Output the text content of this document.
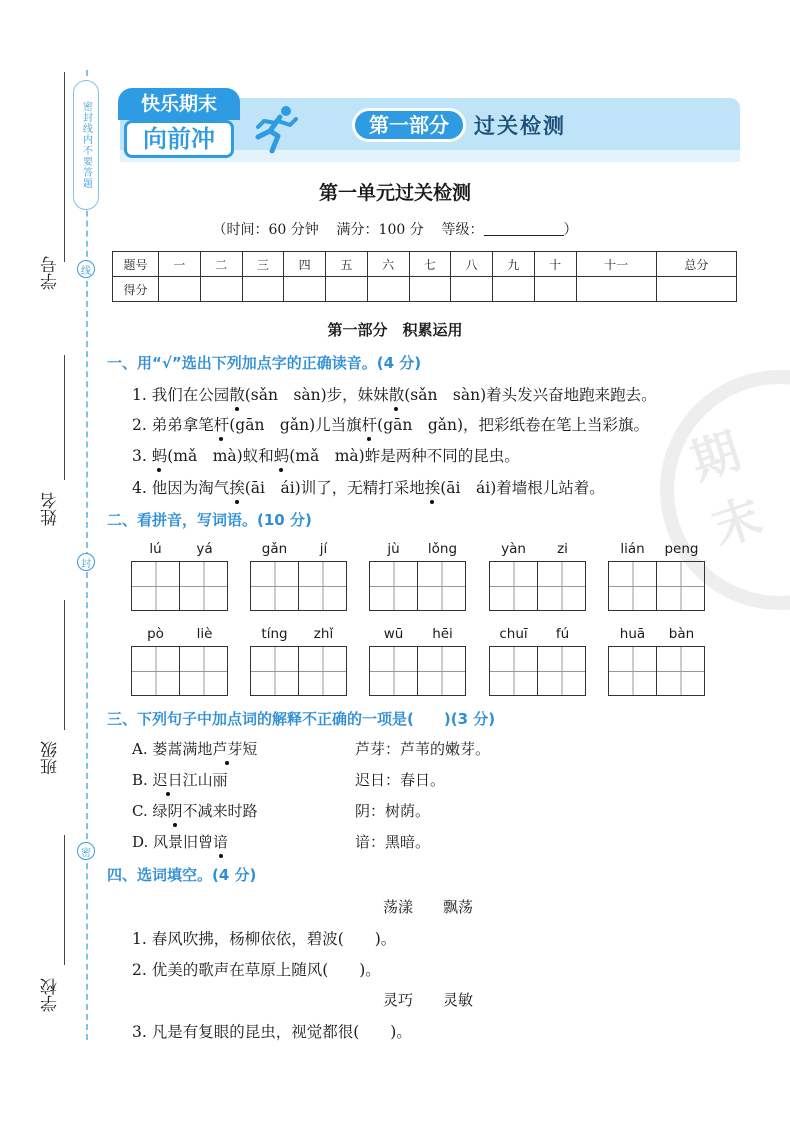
密封线内不要答题
学号	线
姓名
封
班级
密
学校
快乐期末
向前冲	第一部分	过关检测
期末
第一单元过关检测
（时间：60 分钟 满分：100 分 等级：	）
题号	一	二	三	四	五	六	七	八	九	十	十一	总分
得分												
第一部分　积累运用
一、用“√”选出下列加点字的正确读音。(4 分)
1. 我们在公园散(sǎn　sàn)步，妹妹散(sǎn　sàn)着头发兴奋地跑来跑去。
2. 弟弟拿笔杆(gān　gǎn)儿当旗杆(gān　gǎn)，把彩纸卷在笔上当彩旗。
3. 蚂(mǎ　mà)蚁和蚂(mǎ　mà)蚱是两种不同的昆虫。
4. 他因为淘气挨(āi　ái)训了，无精打采地挨(āi　ái)着墙根儿站着。
二、看拼音，写词语。(10 分)
lú	yá	gǎn	jí	jù	lǒng	yàn	zi	lián	peng
pò	liè	tíng	zhǐ	wū	hēi	chuī	fú	huā	bàn
三、下列句子中加点词的解释不正确的一项是(　　)(3 分)
A. 蒌蒿满地芦芽短	芦芽：芦苇的嫩芽。
B. 迟日江山丽	迟日：春日。
C. 绿阴不减来时路	阴：树荫。
D. 风景旧曾谙	谙：黑暗。
四、选词填空。(4 分)
荡漾　　飘荡
1. 春风吹拂，杨柳依依，碧波(　　)。
2. 优美的歌声在草原上随风(　　)。
灵巧　　灵敏
3. 凡是有复眼的昆虫，视觉都很(　　)。
